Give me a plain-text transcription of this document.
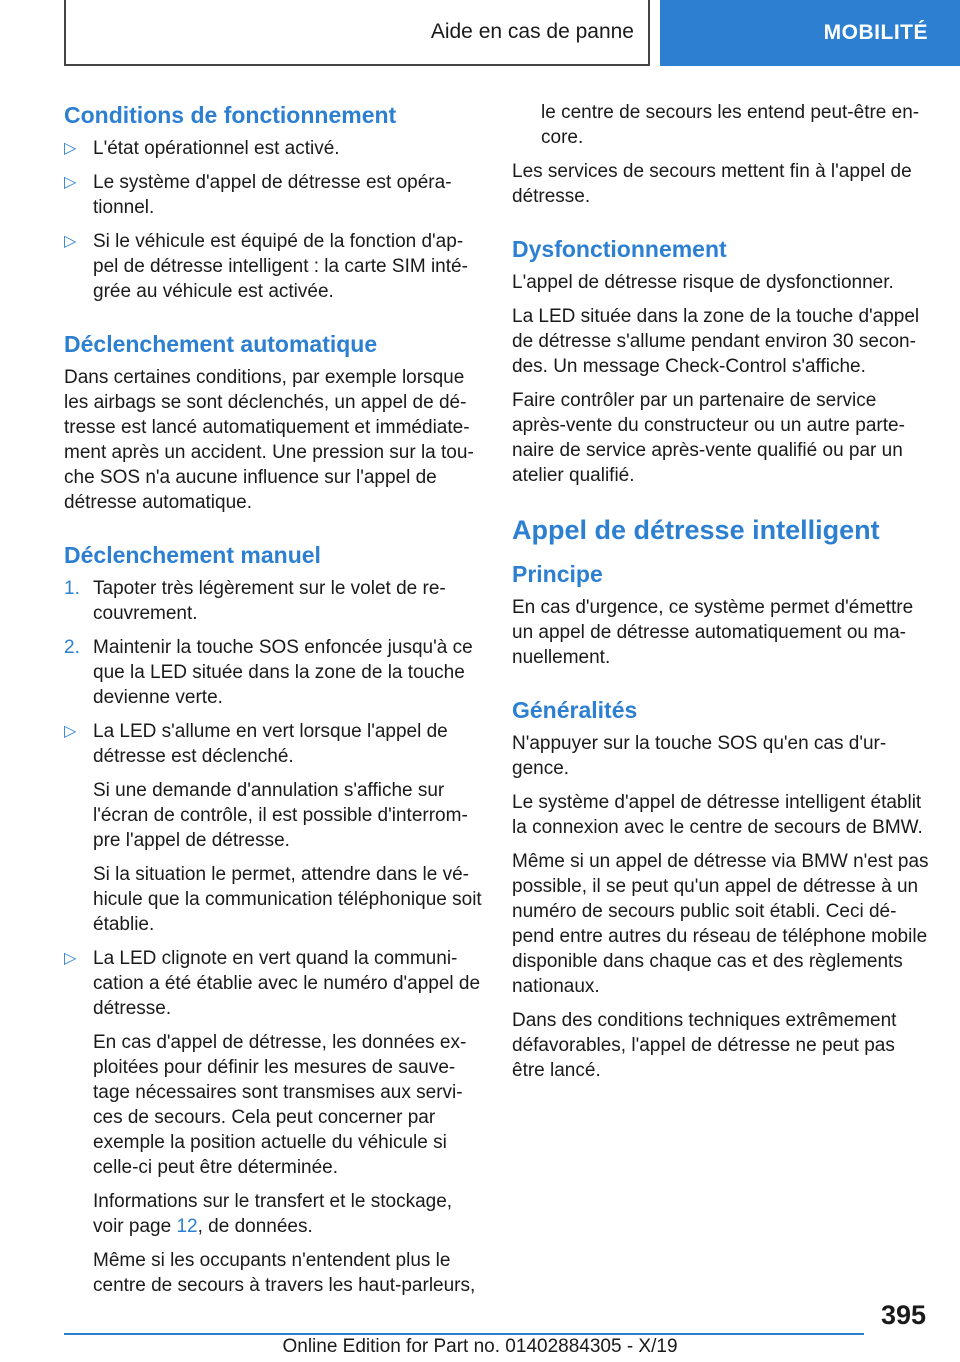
Aide en cas de panne	MOBILITÉ
Conditions de fonctionnement
▷ L'état opérationnel est activé.
▷ Le système d'appel de détresse est opérationnel.
▷ Si le véhicule est équipé de la fonction d'appel de détresse intelligent : la carte SIM intégrée au véhicule est activée.
Déclenchement automatique

Dans certaines conditions, par exemple lorsque les airbags se sont déclenchés, un appel de détresse est lancé automatiquement et immédiatement après un accident. Une pression sur la touche SOS n'a aucune influence sur l'appel de détresse automatique.

Déclenchement manuel
1. Tapoter très légèrement sur le volet de recouvrement.
2. Maintenir la touche SOS enfoncée jusqu'à ce que la LED située dans la zone de la touche devienne verte.
▷ La LED s'allume en vert lorsque l'appel de détresse est déclenché.

Si une demande d'annulation s'affiche sur l'écran de contrôle, il est possible d'interrompre l'appel de détresse.

Si la situation le permet, attendre dans le véhicule que la communication téléphonique soit établie.

▷ La LED clignote en vert quand la communication a été établie avec le numéro d'appel de détresse.

En cas d'appel de détresse, les données exploitées pour définir les mesures de sauvetage nécessaires sont transmises aux services de secours. Cela peut concerner par exemple la position actuelle du véhicule si celle-ci peut être déterminée.

Informations sur le transfert et le stockage, voir page 12, de données.

Même si les occupants n'entendent plus le centre de secours à travers les haut-parleurs,

le centre de secours les entend peut-être encore.

Les services de secours mettent fin à l'appel de détresse.

Dysfonctionnement

L'appel de détresse risque de dysfonctionner.

La LED située dans la zone de la touche d'appel de détresse s'allume pendant environ 30 secondes. Un message Check-Control s'affiche.

Faire contrôler par un partenaire de service après-vente du constructeur ou un autre partenaire de service après-vente qualifié ou par un atelier qualifié.

Appel de détresse intelligent
Principe

En cas d'urgence, ce système permet d'émettre un appel de détresse automatiquement ou manuellement.

Généralités

N'appuyer sur la touche SOS qu'en cas d'urgence.

Le système d'appel de détresse intelligent établit la connexion avec le centre de secours de BMW.

Même si un appel de détresse via BMW n'est pas possible, il se peut qu'un appel de détresse à un numéro de secours public soit établi. Ceci dépend entre autres du réseau de téléphone mobile disponible dans chaque cas et des règlements nationaux.

Dans des conditions techniques extrêmement défavorables, l'appel de détresse ne peut pas être lancé.

395
Online Edition for Part no. 01402884305 - X/19
